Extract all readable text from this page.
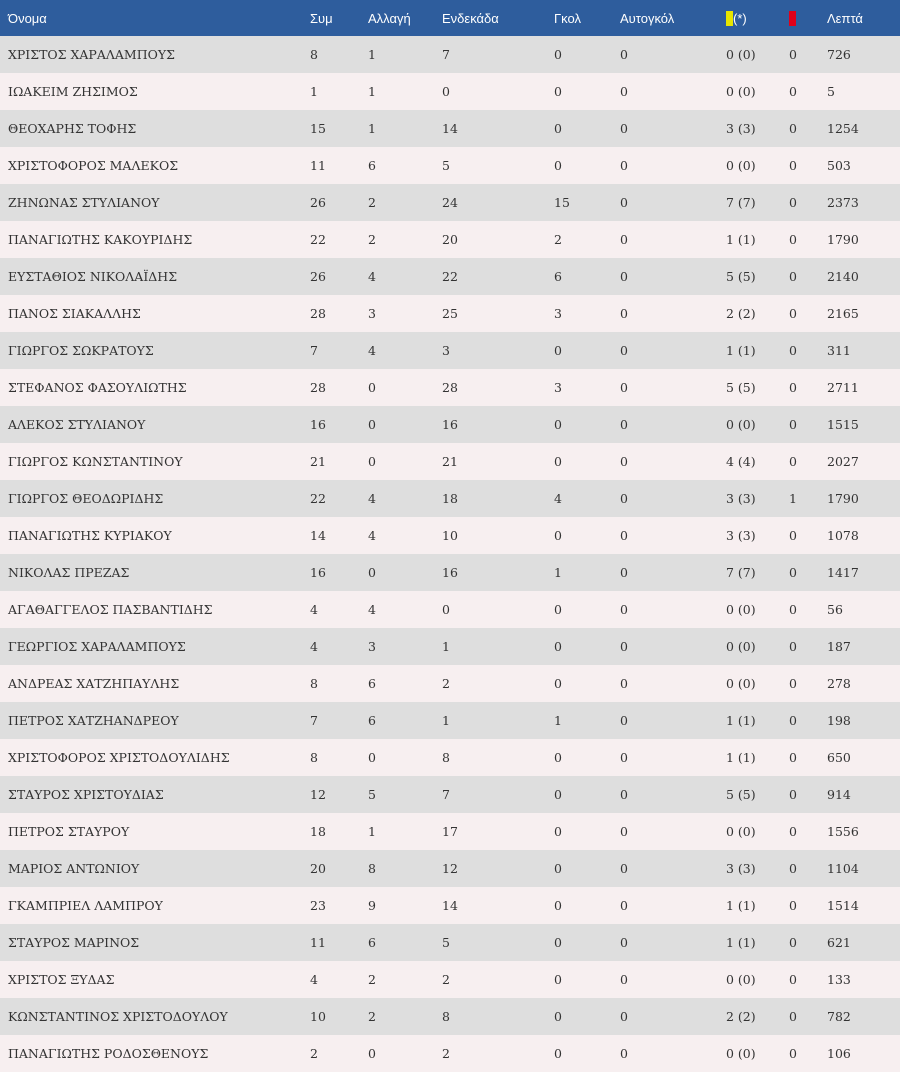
Όνομα	Συμ	Αλλαγή	Ενδεκάδα	Γκολ	Αυτογκόλ	(*)		Λεπτά
ΧΡΙΣΤΟΣ ΧΑΡΑΛΑΜΠΟΥΣ	8	1	7	0	0	0 (0)	0	726
ΙΩΑΚΕΙΜ ΖΗΣΙΜΟΣ	1	1	0	0	0	0 (0)	0	5
ΘΕΟΧΑΡΗΣ ΤΟΦΗΣ	15	1	14	0	0	3 (3)	0	1254
ΧΡΙΣΤΟΦΟΡΟΣ ΜΑΛΕΚΟΣ	11	6	5	0	0	0 (0)	0	503
ΖΗΝΩΝΑΣ ΣΤΥΛΙΑΝΟΥ	26	2	24	15	0	7 (7)	0	2373
ΠΑΝΑΓΙΩΤΗΣ ΚΑΚΟΥΡΙΔΗΣ	22	2	20	2	0	1 (1)	0	1790
ΕΥΣΤΑΘΙΟΣ ΝΙΚΟΛΑΪΔΗΣ	26	4	22	6	0	5 (5)	0	2140
ΠΑΝΟΣ ΣΙΑΚΑΛΛΗΣ	28	3	25	3	0	2 (2)	0	2165
ΓΙΩΡΓΟΣ ΣΩΚΡΑΤΟΥΣ	7	4	3	0	0	1 (1)	0	311
ΣΤΕΦΑΝΟΣ ΦΑΣΟΥΛΙΩΤΗΣ	28	0	28	3	0	5 (5)	0	2711
ΑΛΕΚΟΣ ΣΤΥΛΙΑΝΟΥ	16	0	16	0	0	0 (0)	0	1515
ΓΙΩΡΓΟΣ ΚΩΝΣΤΑΝΤΙΝΟΥ	21	0	21	0	0	4 (4)	0	2027
ΓΙΩΡΓΟΣ ΘΕΟΔΩΡΙΔΗΣ	22	4	18	4	0	3 (3)	1	1790
ΠΑΝΑΓΙΩΤΗΣ ΚΥΡΙΑΚΟΥ	14	4	10	0	0	3 (3)	0	1078
ΝΙΚΟΛΑΣ ΠΡΕΖΑΣ	16	0	16	1	0	7 (7)	0	1417
ΑΓΑΘΑΓΓΕΛΟΣ ΠΑΣΒΑΝΤΙΔΗΣ	4	4	0	0	0	0 (0)	0	56
ΓΕΩΡΓΙΟΣ ΧΑΡΑΛΑΜΠΟΥΣ	4	3	1	0	0	0 (0)	0	187
ΑΝΔΡΕΑΣ ΧΑΤΖΗΠΑΥΛΗΣ	8	6	2	0	0	0 (0)	0	278
ΠΕΤΡΟΣ ΧΑΤΖΗΑΝΔΡΕΟΥ	7	6	1	1	0	1 (1)	0	198
ΧΡΙΣΤΟΦΟΡΟΣ ΧΡΙΣΤΟΔΟΥΛΙΔΗΣ	8	0	8	0	0	1 (1)	0	650
ΣΤΑΥΡΟΣ ΧΡΙΣΤΟΥΔΙΑΣ	12	5	7	0	0	5 (5)	0	914
ΠΕΤΡΟΣ ΣΤΑΥΡΟΥ	18	1	17	0	0	0 (0)	0	1556
ΜΑΡΙΟΣ ΑΝΤΩΝΙΟΥ	20	8	12	0	0	3 (3)	0	1104
ΓΚΑΜΠΡΙΕΛ ΛΑΜΠΡΟΥ	23	9	14	0	0	1 (1)	0	1514
ΣΤΑΥΡΟΣ ΜΑΡΙΝΟΣ	11	6	5	0	0	1 (1)	0	621
ΧΡΙΣΤΟΣ ΞΥΔΑΣ	4	2	2	0	0	0 (0)	0	133
ΚΩΝΣΤΑΝΤΙΝΟΣ ΧΡΙΣΤΟΔΟΥΛΟΥ	10	2	8	0	0	2 (2)	0	782
ΠΑΝΑΓΙΩΤΗΣ ΡΟΔΟΣΘΕΝΟΥΣ	2	0	2	0	0	0 (0)	0	106
